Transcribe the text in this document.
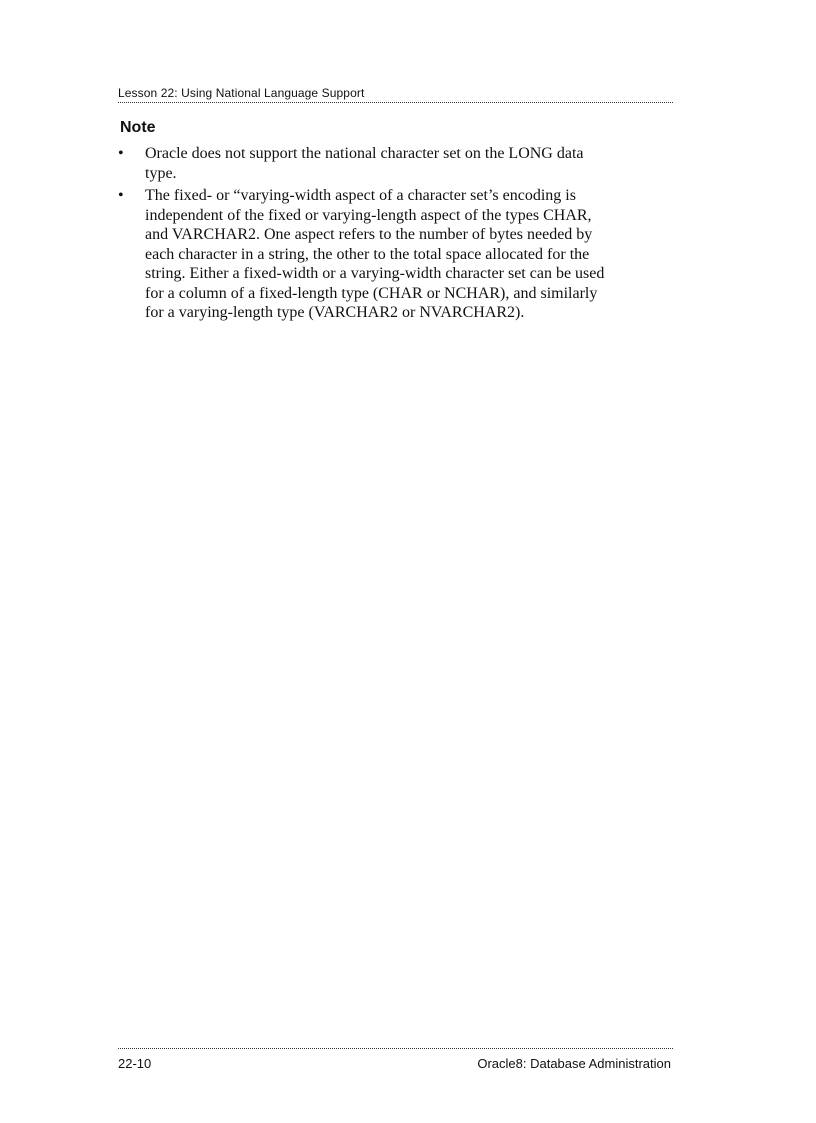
Lesson 22: Using National Language Support
Note
• Oracle does not support the national character set on the LONG data
type.
• The fixed- or “varying-width aspect of a character set’s encoding is
independent of the fixed or varying-length aspect of the types CHAR,
and VARCHAR2. One aspect refers to the number of bytes needed by
each character in a string, the other to the total space allocated for the
string. Either a fixed-width or a varying-width character set can be used
for a column of a fixed-length type (CHAR or NCHAR), and similarly
for a varying-length type (VARCHAR2 or NVARCHAR2).
22-10	Oracle8: Database Administration
